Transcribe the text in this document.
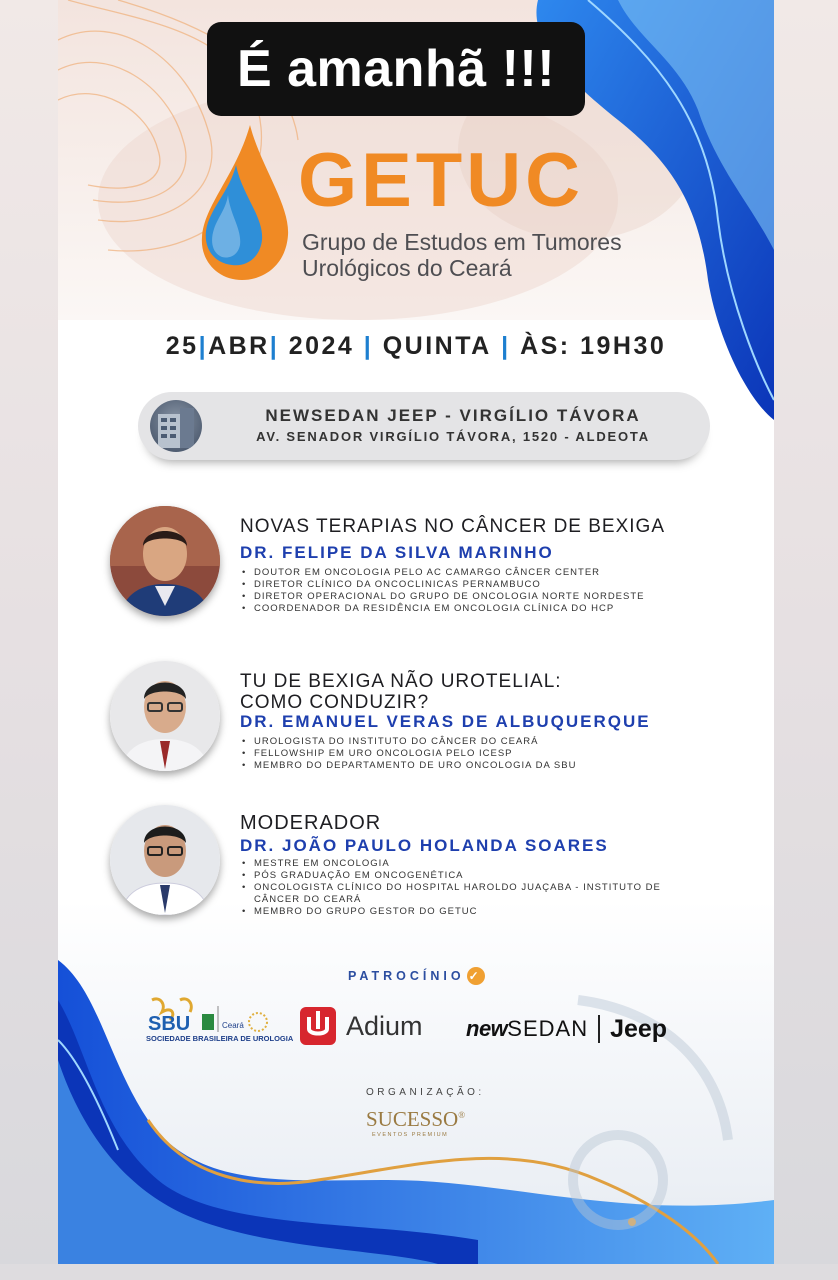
É amanhã !!!
GETUC
Grupo de Estudos em Tumores
Urológicos do Ceará
25 | ABR | 2024 | QUINTA | ÀS: 19H30
NEWSEDAN JEEP - VIRGÍLIO TÁVORA
AV. SENADOR VIRGÍLIO TÁVORA, 1520 - ALDEOTA
NOVAS TERAPIAS NO CÂNCER DE BEXIGA
DR. FELIPE DA SILVA MARINHO
• DOUTOR EM ONCOLOGIA PELO AC CAMARGO CÂNCER CENTER
• DIRETOR CLÍNICO DA ONCOCLINICAS PERNAMBUCO
• DIRETOR OPERACIONAL DO GRUPO DE ONCOLOGIA NORTE NORDESTE
• COORDENADOR DA RESIDÊNCIA EM ONCOLOGIA CLÍNICA DO HCP
TU DE BEXIGA NÃO UROTELIAL:
COMO CONDUZIR?
DR. EMANUEL VERAS DE ALBUQUERQUE
• UROLOGISTA DO INSTITUTO DO CÂNCER DO CEARÁ
• FELLOWSHIP EM URO ONCOLOGIA PELO ICESP
• MEMBRO DO DEPARTAMENTO DE URO ONCOLOGIA DA SBU
MODERADOR
DR. JOÃO PAULO HOLANDA SOARES
• MESTRE EM ONCOLOGIA
• PÓS GRADUAÇÃO EM ONCOGENÉTICA
• ONCOLOGISTA CLÍNICO DO HOSPITAL HAROLDO JUAÇABA - INSTITUTO DE CÂNCER DO CEARÁ
• MEMBRO DO GRUPO GESTOR DO GETUC
PATROCÍNIO ✓
SBU	Ceará
SOCIEDADE BRASILEIRA DE UROLOGIA Adium new SEDAN Jeep
ORGANIZAÇÃO:
SUCESSO®
EVENTOS PREMIUM
